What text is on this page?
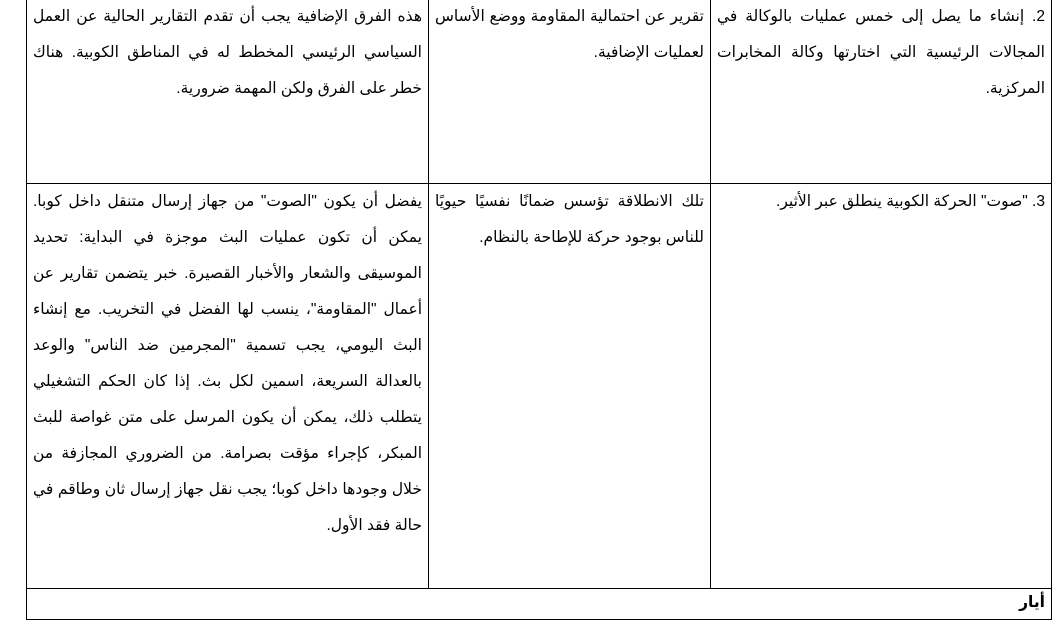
2. إنشاء ما يصل إلى خمس عمليات بالوكالة في المجالات الرئيسية التي اختارتها وكالة المخابرات المركزية.	تقرير عن احتمالية المقاومة ووضع الأساس لعمليات الإضافية.	هذه الفرق الإضافية يجب أن تقدم التقارير الحالية عن العمل السياسي الرئيسي المخطط له في المناطق الكوبية. هناك خطر على الفرق ولكن المهمة ضرورية.

3. "صوت" الحركة الكوبية ينطلق عبر الأثير.	تلك الانطلاقة تؤسس ضمانًا نفسيًا حيويًا للناس بوجود حركة للإطاحة بالنظام.	يفضل أن يكون "الصوت" من جهاز إرسال متنقل داخل كوبا. يمكن أن تكون عمليات البث موجزة في البداية: تحديد الموسيقى والشعار والأخبار القصيرة. خبر يتضمن تقارير عن أعمال "المقاومة"، ينسب لها الفضل في التخريب. مع إنشاء البث اليومي، يجب تسمية "المجرمين ضد الناس" والوعد بالعدالة السريعة، اسمين لكل بث. إذا كان الحكم التشغيلي يتطلب ذلك، يمكن أن يكون المرسل على متن غواصة للبث المبكر، كإجراء مؤقت بصرامة. من الضروري المجازفة من خلال وجودها داخل كوبا؛ يجب نقل جهاز إرسال ثان وطاقم في حالة فقد الأول.

أيار		
